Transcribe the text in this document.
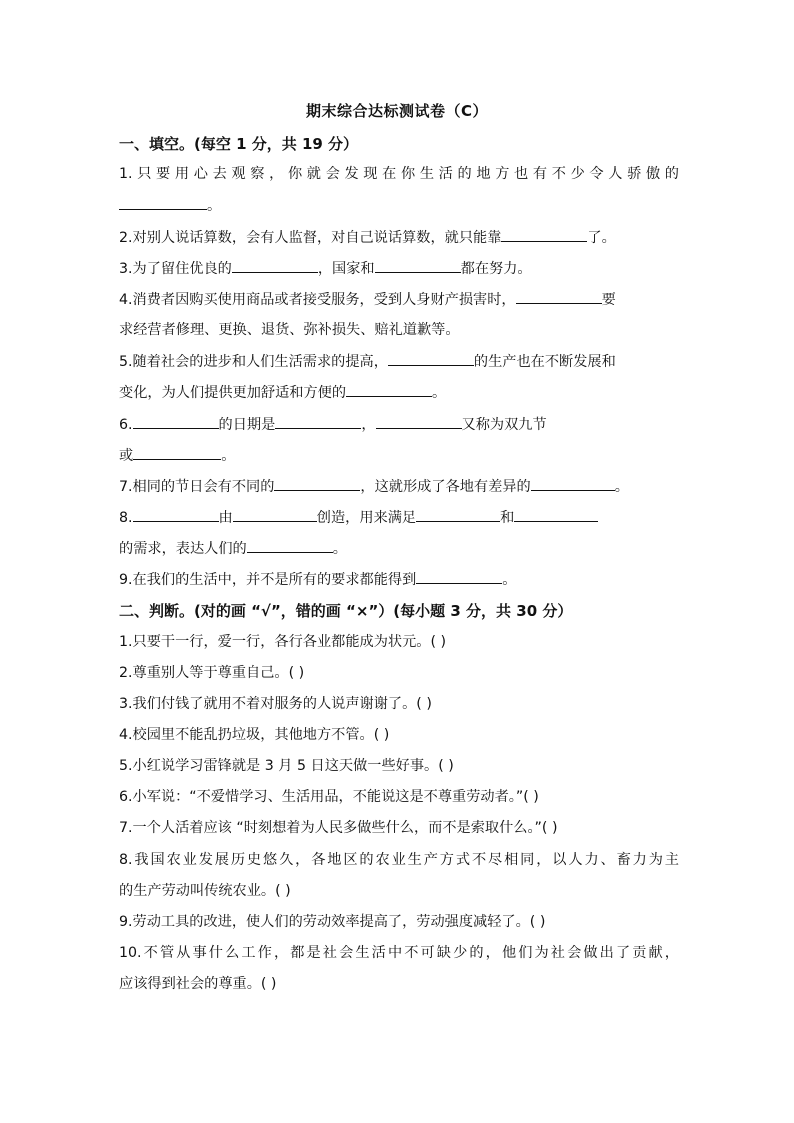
期末综合达标测试卷（C）
一、填空。(每空 1 分，共 19 分）
1.只要用心去观察，你就会发现在你生活的地方也有不少令人骄傲的
。
2.对别人说话算数，会有人监督，对自己说话算数，就只能靠	了。
3.为了留住优良的	，国家和	都在努力。
4.消费者因购买使用商品或者接受服务，受到人身财产损害时，	要
求经营者修理、更换、退货、弥补损失、赔礼道歉等。
5.随着社会的进步和人们生活需求的提高，	的生产也在不断发展和
变化，为人们提供更加舒适和方便的	。
6.	的日期是	，	又称为双九节
或	。
7.相同的节日会有不同的	，这就形成了各地有差异的	。
8.	由	创造，用来满足	和
的需求，表达人们的	。
9.在我们的生活中，并不是所有的要求都能得到	。
二、判断。(对的画 “√”，错的画 “×”）(每小题 3 分，共 30 分）
1.只要干一行，爱一行，各行各业都能成为状元。( )
2.尊重别人等于尊重自己。( )
3.我们付钱了就用不着对服务的人说声谢谢了。( )
4.校园里不能乱扔垃圾，其他地方不管。( )
5.小红说学习雷锋就是 3 月 5 日这天做一些好事。( )
6.小军说：“不爱惜学习、生活用品，不能说这是不尊重劳动者。”( )
7.一个人活着应该 “时刻想着为人民多做些什么，而不是索取什么。”( )
8.我国农业发展历史悠久，各地区的农业生产方式不尽相同，以人力、畜力为主
的生产劳动叫传统农业。( )
9.劳动工具的改进，使人们的劳动效率提高了，劳动强度减轻了。( )
10.不管从事什么工作，都是社会生活中不可缺少的，他们为社会做出了贡献，
应该得到社会的尊重。( )
